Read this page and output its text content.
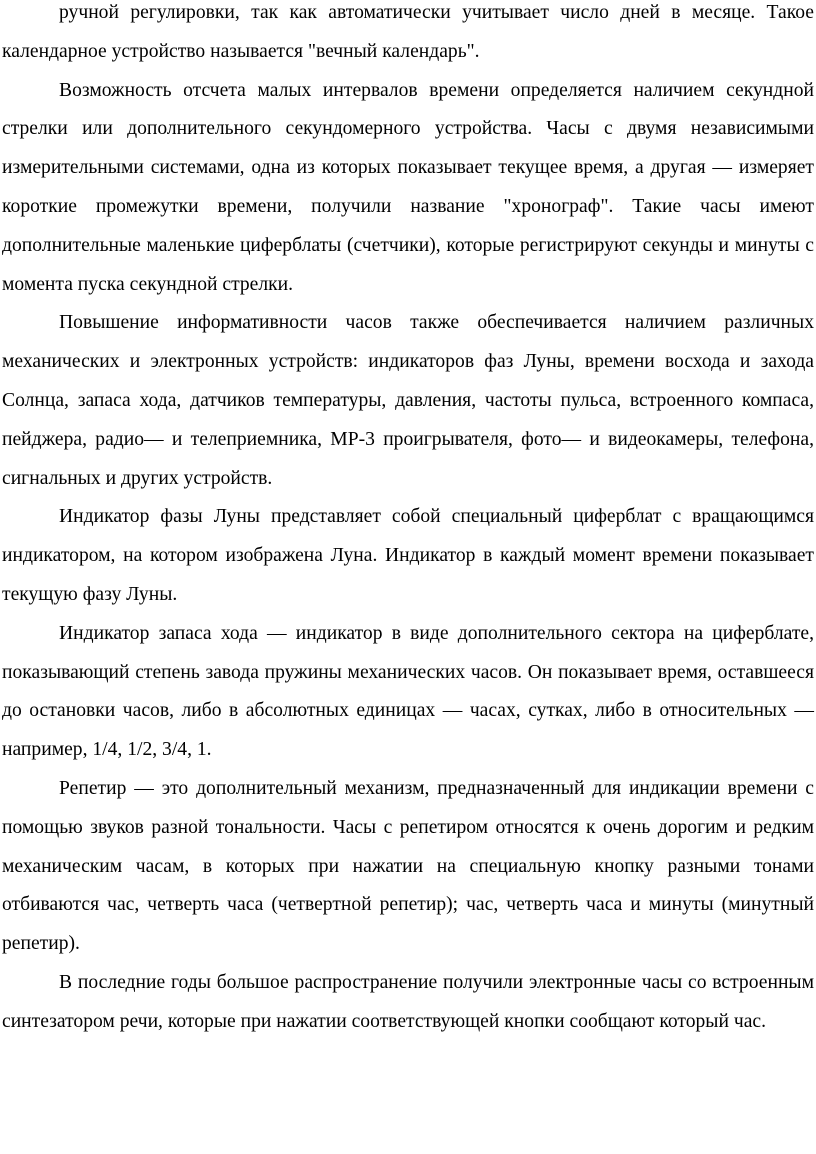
ручной регулировки, так как автоматически учитывает число дней в месяце. Такое календарное устройство называется "вечный календарь".

Возможность отсчета малых интервалов времени определяется наличием секундной стрелки или дополнительного секундомерного устройства. Часы с двумя независимыми измерительными системами, одна из которых показывает текущее время, а другая — измеряет короткие промежутки времени, получили название "хронограф". Такие часы имеют дополнительные маленькие циферблаты (счетчики), которые регистрируют секунды и минуты с момента пуска секундной стрелки.

Повышение информативности часов также обеспечивается наличием различных механических и электронных устройств: индикаторов фаз Луны, времени восхода и захода Солнца, запаса хода, датчиков температуры, давления, частоты пульса, встроенного компаса, пейджера, радио— и телеприемника, МР-3 проигрывателя, фото— и видеокамеры, телефона, сигнальных и других устройств.

Индикатор фазы Луны представляет собой специальный циферблат с вращающимся индикатором, на котором изображена Луна. Индикатор в каждый момент времени показывает текущую фазу Луны.

Индикатор запаса хода — индикатор в виде дополнительного сектора на циферблате, показывающий степень завода пружины механических часов. Он показывает время, оставшееся до остановки часов, либо в абсолютных единицах — часах, сутках, либо в относительных — например, 1/4, 1/2, 3/4, 1.

Репетир — это дополнительный механизм, предназначенный для индикации времени с помощью звуков разной тональности. Часы с репетиром относятся к очень дорогим и редким механическим часам, в которых при нажатии на специальную кнопку разными тонами отбиваются час, четверть часа (четвертной репетир); час, четверть часа и минуты (минутный репетир).

В последние годы большое распространение получили электронные часы со встроенным синтезатором речи, которые при нажатии соответствующей кнопки сообщают который час.
